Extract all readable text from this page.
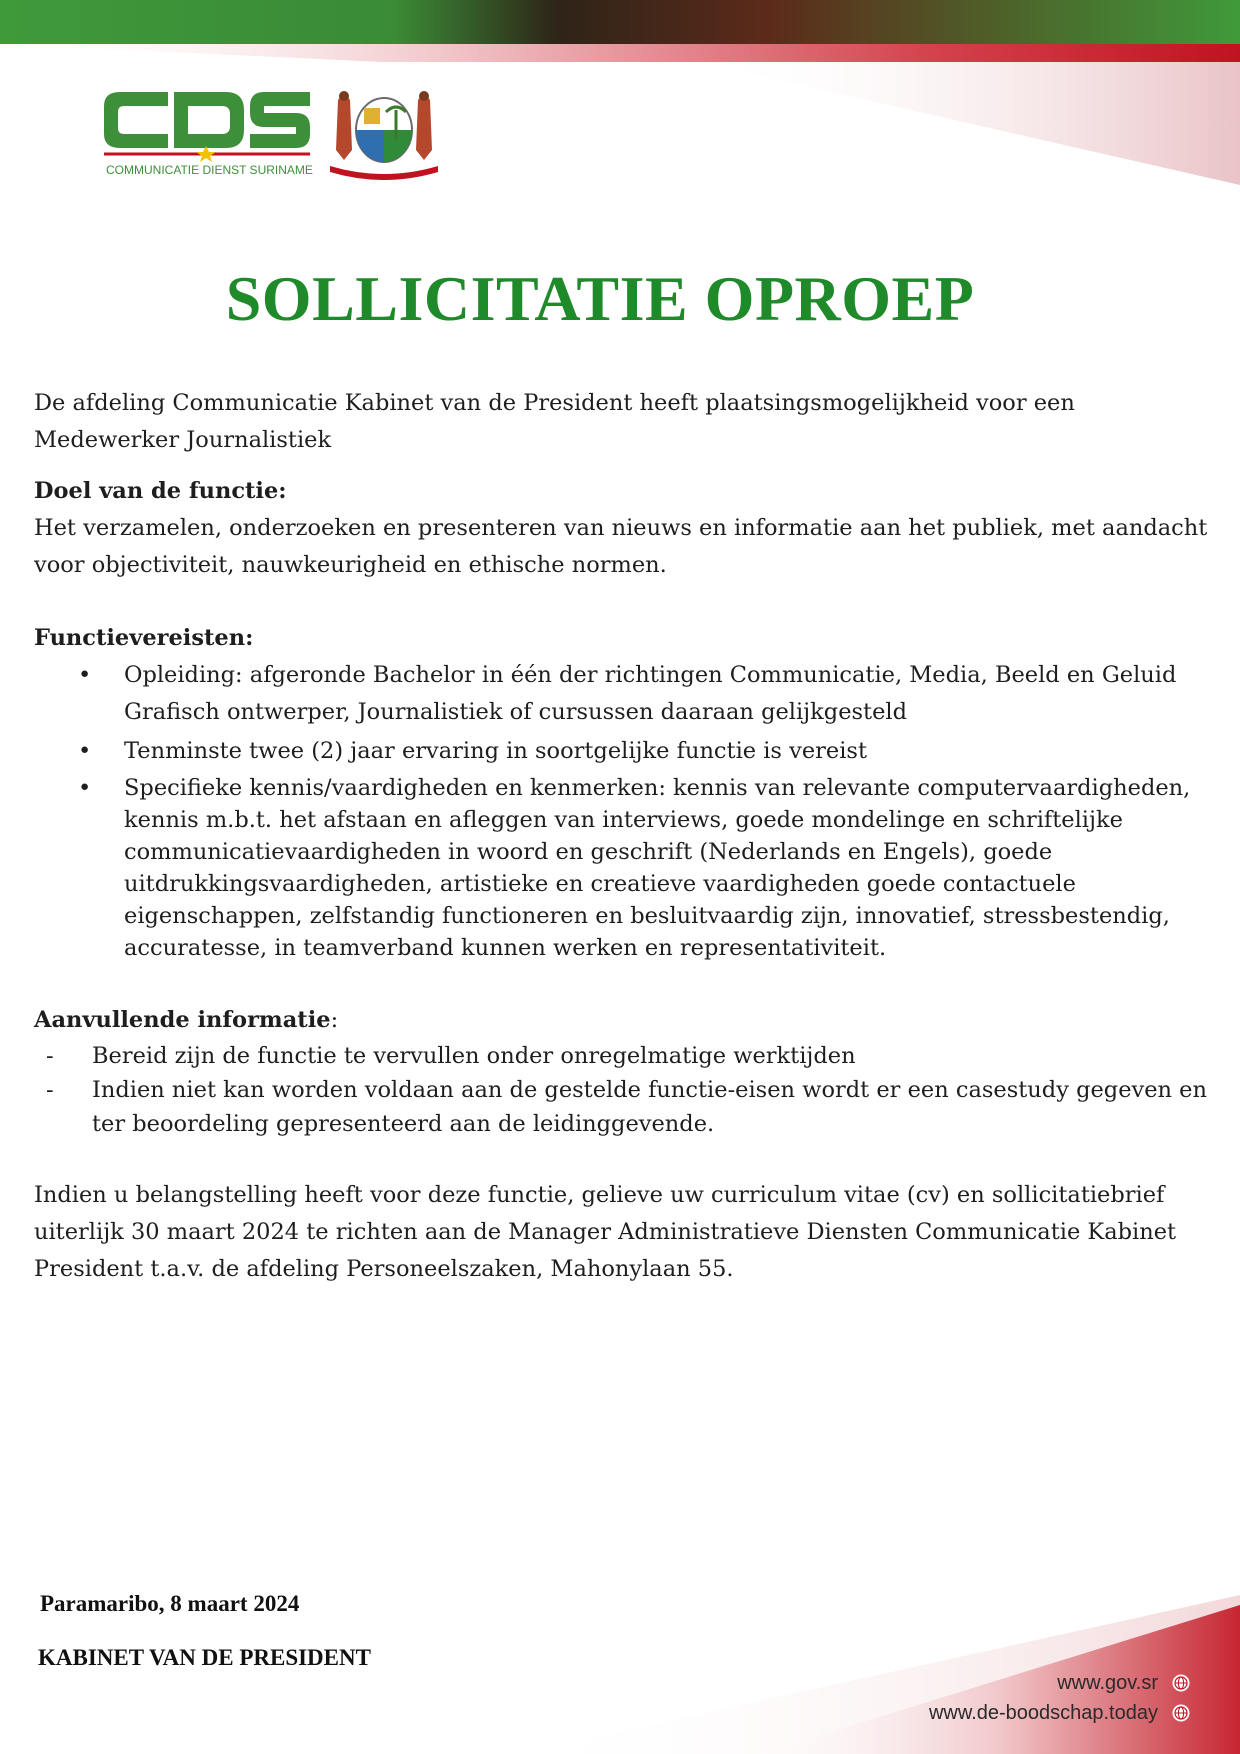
COMMUNICATIE DIENST SURINAME
SOLLICITATIE OPROEP

De afdeling Communicatie Kabinet van de President heeft plaatsingsmogelijkheid voor een Medewerker Journalistiek

Doel van de functie:

Het verzamelen, onderzoeken en presenteren van nieuws en informatie aan het publiek, met aandacht voor objectiviteit, nauwkeurigheid en ethische normen.

Functievereisten:

• Opleiding: afgeronde Bachelor in één der richtingen Communicatie, Media, Beeld en Geluid Grafisch ontwerper, Journalistiek of cursussen daaraan gelijkgesteld
• Tenminste twee (2) jaar ervaring in soortgelijke functie is vereist
• Specifieke kennis/vaardigheden en kenmerken: kennis van relevante computervaardigheden, kennis m.b.t. het afstaan en afleggen van interviews, goede mondelinge en schriftelijke communicatievaardigheden in woord en geschrift (Nederlands en Engels), goede uitdrukkingsvaardigheden, artistieke en creatieve vaardigheden goede contactuele eigenschappen, zelfstandig functioneren en besluitvaardig zijn, innovatief, stressbestendig, accuratesse, in teamverband kunnen werken en representativiteit.

Aanvullende informatie:

- Bereid zijn de functie te vervullen onder onregelmatige werktijden
- Indien niet kan worden voldaan aan de gestelde functie-eisen wordt er een casestudy gegeven en ter beoordeling gepresenteerd aan de leidinggevende.

Indien u belangstelling heeft voor deze functie, gelieve uw curriculum vitae (cv) en sollicitatiebrief uiterlijk 30 maart 2024 te richten aan de Manager Administratieve Diensten Communicatie Kabinet President t.a.v. de afdeling Personeelszaken, Mahonylaan 55.

Paramaribo, 8 maart 2024
KABINET VAN DE PRESIDENT
www.gov.sr
www.de-boodschap.today
